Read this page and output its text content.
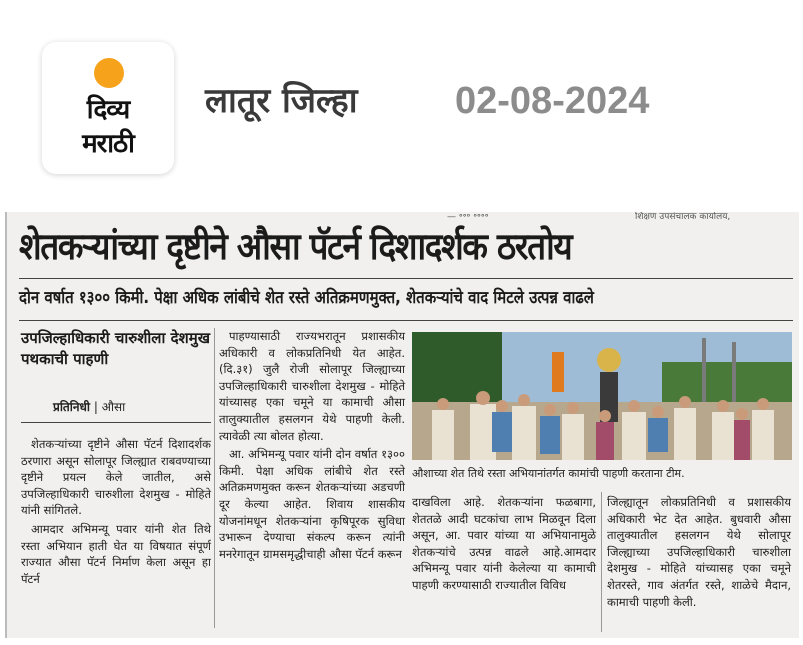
दिव्य
मराठी
लातूर जिल्हा	02-08-2024
— ॰॰॰ ॰॰॰॰	शिक्षण उपसंचालक कार्यालय,
शेतकऱ्यांच्या दृष्टीने औसा पॅटर्न दिशादर्शक ठरतोय
दोन वर्षात १३०० किमी. पेक्षा अधिक लांबीचे शेत रस्ते अतिक्रमणमुक्त, शेतकऱ्यांचे वाद मिटले उत्पन्न वाढले
उपजिल्हाधिकारी चारुशीला देशमुख पथकाची पाहणी
प्रतिनिधी | औसा

शेतकऱ्यांच्या दृष्टीने औसा पॅटर्न दिशादर्शक ठरणारा असून सोलापूर जिल्ह्यात राबवण्याच्या दृष्टीने प्रयत्न केले जातील, असे उपजिल्हाधिकारी चारुशीला देशमुख - मोहिते यांनी सांगितले.

आमदार अभिमन्यू पवार यांनी शेत तिथे रस्ता अभियान हाती घेत या विषयात संपूर्ण राज्यात औसा पॅटर्न निर्माण केला असून हा पॅटर्न

पाहण्यासाठी राज्यभरातून प्रशासकीय अधिकारी व लोकप्रतिनिधी येत आहेत.(दि.३१) जुलै रोजी सोलापूर जिल्ह्याच्या उपजिल्हाधिकारी चारुशीला देशमुख - मोहिते यांच्यासह एका चमूने या कामाची औसा तालुक्यातील हसलगन येथे पाहणी केली. त्यावेळी त्या बोलत होत्या.

आ. अभिमन्यू पवार यांनी दोन वर्षात १३०० किमी. पेक्षा अधिक लांबीचे शेत रस्ते अतिक्रमणमुक्त करून शेतकऱ्यांच्या अडचणी दूर केल्या आहेत. शिवाय शासकीय योजनांमधून शेतकऱ्यांना कृषिपूरक सुविधा उभारून देण्याचा संकल्प करून त्यांनी मनरेगातून ग्रामसमृद्धीचाही औसा पॅटर्न करून

औशाच्या शेत तिथे रस्ता अभियानांतर्गत कामांची पाहणी करताना टीम.

दाखविला आहे. शेतकऱ्यांना फळबागा, शेततळे आदी घटकांचा लाभ मिळवून दिला असून, आ. पवार यांच्या या अभियानामुळे शेतकऱ्यांचे उत्पन्न वाढले आहे.आमदार अभिमन्यू पवार यांनी केलेल्या या कामाची पाहणी करण्यासाठी राज्यातील विविध

जिल्ह्यातून लोकप्रतिनिधी व प्रशासकीय अधिकारी भेट देत आहेत. बुधवारी औसा तालुक्यातील हसलगन येथे सोलापूर जिल्ह्याच्या उपजिल्हाधिकारी चारुशीला देशमुख - मोहिते यांच्यासह एका चमूने शेतरस्ते, गाव अंतर्गत रस्ते, शाळेचे मैदान, कामाची पाहणी केली.
